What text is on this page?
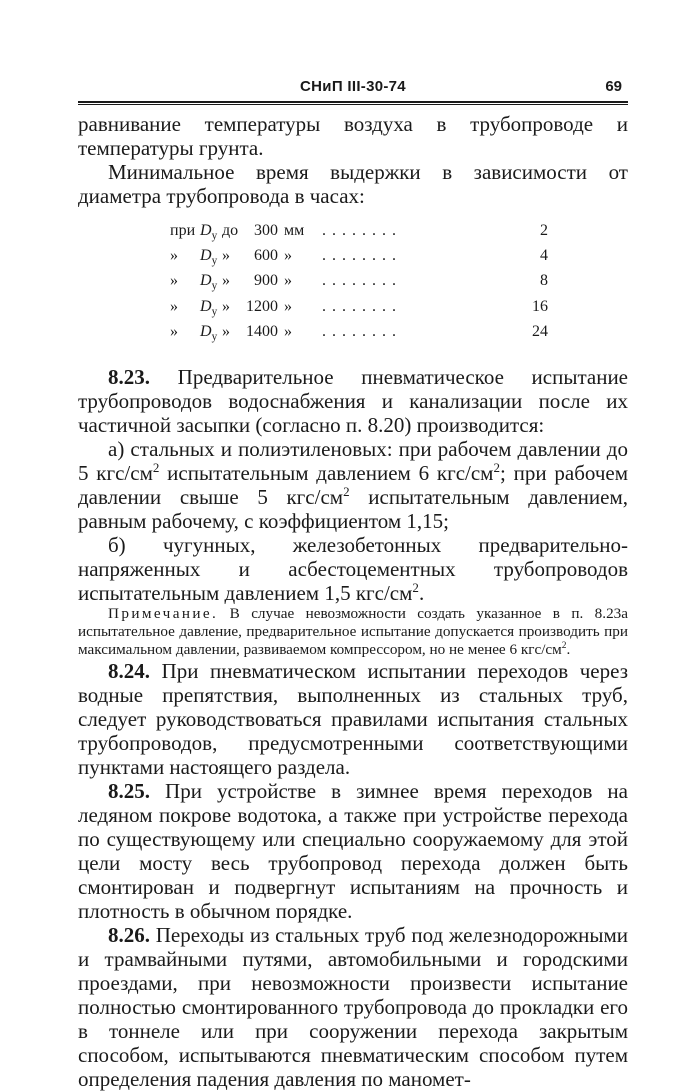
СНиП III-30-74	69

равнивание температуры воздуха в трубопроводе и температуры грунта.

Минимальное время выдержки в зависимости от диаметра трубопровода в часах:

при $D_у$ до 300 мм	........	2
»	$D_у$ »	600 »	........	4
»	$D_у$ »	900 »	........	8
»	$D_у$ »	1200 »	........	16
»	$D_у$ »	1400 »	........	24

8.23. Предварительное пневматическое испытание трубопроводов водоснабжения и канализации после их частичной засыпки (согласно п. 8.20) производится:

а) стальных и полиэтиленовых: при рабочем давлении до 5 кгс/$см^2$ испытательным давлением 6 кгс/$см^2$; при рабочем давлении свыше 5 кгс/$см^2$ испытательным давлением, равным рабочему, с коэффициентом 1,15;

б) чугунных, железобетонных предварительно-напряженных и асбестоцементных трубопроводов испытательным давлением 1,5 кгс/$см^2$.

Примечание. В случае невозможности создать указанное в п. 8.23а испытательное давление, предварительное испытание допускается производить при максимальном давлении, развиваемом компрессором, но не менее 6 кгс/$см^2$.

8.24. При пневматическом испытании переходов через водные препятствия, выполненных из стальных труб, следует руководствоваться правилами испытания стальных трубопроводов, предусмотренными соответствующими пунктами настоящего раздела.

8.25. При устройстве в зимнее время переходов на ледяном покрове водотока, а также при устройстве перехода по существующему или специально сооружаемому для этой цели мосту весь трубопровод перехода должен быть смонтирован и подвергнут испытаниям на прочность и плотность в обычном порядке.

8.26. Переходы из стальных труб под железнодорожными и трамвайными путями, автомобильными и городскими проездами, при невозможности произвести испытание полностью смонтированного трубопровода до прокладки его в тоннеле или при сооружении перехода закрытым способом, испытываются пневматическим способом путем определения падения давления по маномет-
